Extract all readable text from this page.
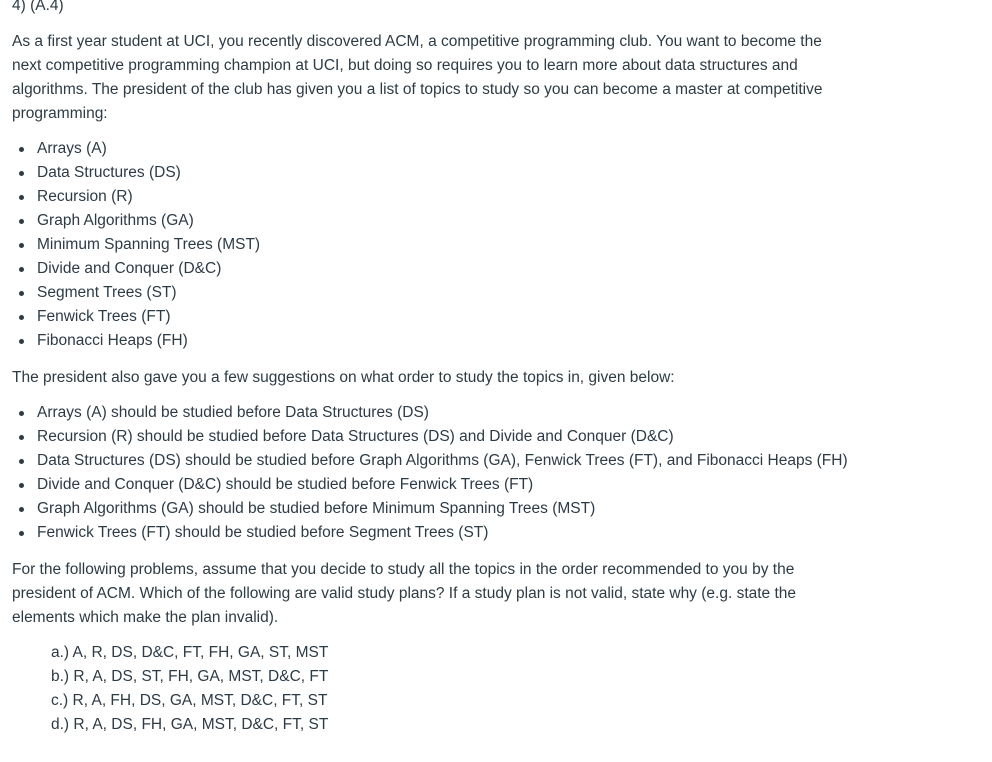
4) (A.4)

As a first year student at UCI, you recently discovered ACM, a competitive programming club. You want to become the next competitive programming champion at UCI, but doing so requires you to learn more about data structures and algorithms. The president of the club has given you a list of topics to study so you can become a master at competitive programming:

Arrays (A)
Data Structures (DS)
Recursion (R)
Graph Algorithms (GA)
Minimum Spanning Trees (MST)
Divide and Conquer (D&C)
Segment Trees (ST)
Fenwick Trees (FT)
Fibonacci Heaps (FH)

The president also gave you a few suggestions on what order to study the topics in, given below:

Arrays (A) should be studied before Data Structures (DS)
Recursion (R) should be studied before Data Structures (DS) and Divide and Conquer (D&C)
Data Structures (DS) should be studied before Graph Algorithms (GA), Fenwick Trees (FT), and Fibonacci Heaps (FH)
Divide and Conquer (D&C) should be studied before Fenwick Trees (FT)
Graph Algorithms (GA) should be studied before Minimum Spanning Trees (MST)
Fenwick Trees (FT) should be studied before Segment Trees (ST)

For the following problems, assume that you decide to study all the topics in the order recommended to you by the president of ACM. Which of the following are valid study plans? If a study plan is not valid, state why (e.g. state the elements which make the plan invalid).

a.) A, R, DS, D&C, FT, FH, GA, ST, MST
b.) R, A, DS, ST, FH, GA, MST, D&C, FT
c.) R, A, FH, DS, GA, MST, D&C, FT, ST
d.) R, A, DS, FH, GA, MST, D&C, FT, ST
